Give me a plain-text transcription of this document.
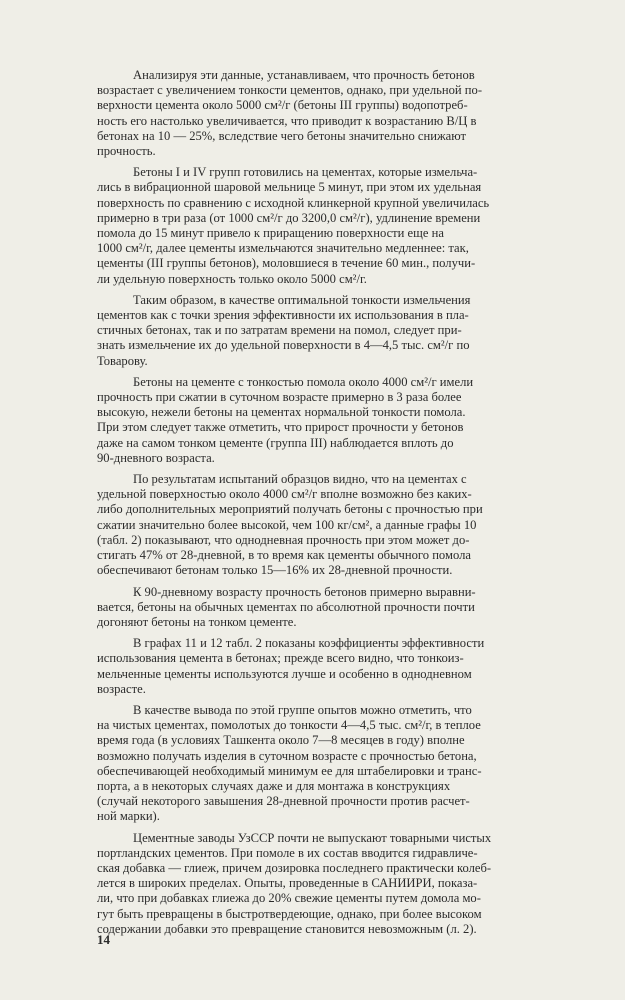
Анализируя эти данные, устанавливаем, что прочность бетонов
возрастает с увеличением тонкости цементов, однако, при удельной по-
верхности цемента около 5000 см²/г (бетоны III группы) водопотреб-
ность его настолько увеличивается, что приводит к возрастанию В/Ц в
бетонах на 10 — 25%, вследствие чего бетоны значительно снижают
прочность.

Бетоны I и IV групп готовились на цементах, которые измельча-
лись в вибрационной шаровой мельнице 5 минут, при этом их удельная
поверхность по сравнению с исходной клинкерной крупной увеличилась
примерно в три раза (от 1000 см²/г до 3200,0 см²/г), удлинение времени
помола до 15 минут привело к приращению поверхности еще на
1000 см²/г, далее цементы измельчаются значительно медленнее: так,
цементы (III группы бетонов), моловшиеся в течение 60 мин., получи-
ли удельную поверхность только около 5000 см²/г.

Таким образом, в качестве оптимальной тонкости измельчения
цементов как с точки зрения эффективности их использования в пла-
стичных бетонах, так и по затратам времени на помол, следует при-
знать измельчение их до удельной поверхности в 4—4,5 тыс. см²/г по
Товарову.

Бетоны на цементе с тонкостью помола около 4000 см²/г имели
прочность при сжатии в суточном возрасте примерно в 3 раза более
высокую, нежели бетоны на цементах нормальной тонкости помола.
При этом следует также отметить, что прирост прочности у бетонов
даже на самом тонком цементе (группа III) наблюдается вплоть до
90-дневного возраста.

По результатам испытаний образцов видно, что на цементах с
удельной поверхностью около 4000 см²/г вполне возможно без каких-
либо дополнительных мероприятий получать бетоны с прочностью при
сжатии значительно более высокой, чем 100 кг/см², а данные графы 10
(табл. 2) показывают, что однодневная прочность при этом может до-
стигать 47% от 28-дневной, в то время как цементы обычного помола
обеспечивают бетонам только 15—16% их 28-дневной прочности.

К 90-дневному возрасту прочность бетонов примерно выравни-
вается, бетоны на обычных цементах по абсолютной прочности почти
догоняют бетоны на тонком цементе.

В графах 11 и 12 табл. 2 показаны коэффициенты эффективности
использования цемента в бетонах; прежде всего видно, что тонкоиз-
мельченные цементы используются лучше и особенно в однодневном
возрасте.

В качестве вывода по этой группе опытов можно отметить, что
на чистых цементах, помолотых до тонкости 4—4,5 тыс. см²/г, в теплое
время года (в условиях Ташкента около 7—8 месяцев в году) вполне
возможно получать изделия в суточном возрасте с прочностью бетона,
обеспечивающей необходимый минимум ее для штабелировки и транс-
порта, а в некоторых случаях даже и для монтажа в конструкциях
(случай некоторого завышения 28-дневной прочности против расчет-
ной марки).

Цементные заводы УзССР почти не выпускают товарными чистых
портландских цементов. При помоле в их состав вводится гидравличе-
ская добавка — глиеж, причем дозировка последнего практически колеб-
лется в широких пределах. Опыты, проведенные в САНИИРИ, показа-
ли, что при добавках глиежа до 20% свежие цементы путем домола мо-
гут быть превращены в быстротвердеющие, однако, при более высоком
содержании добавки это превращение становится невозможным (л. 2).

14
